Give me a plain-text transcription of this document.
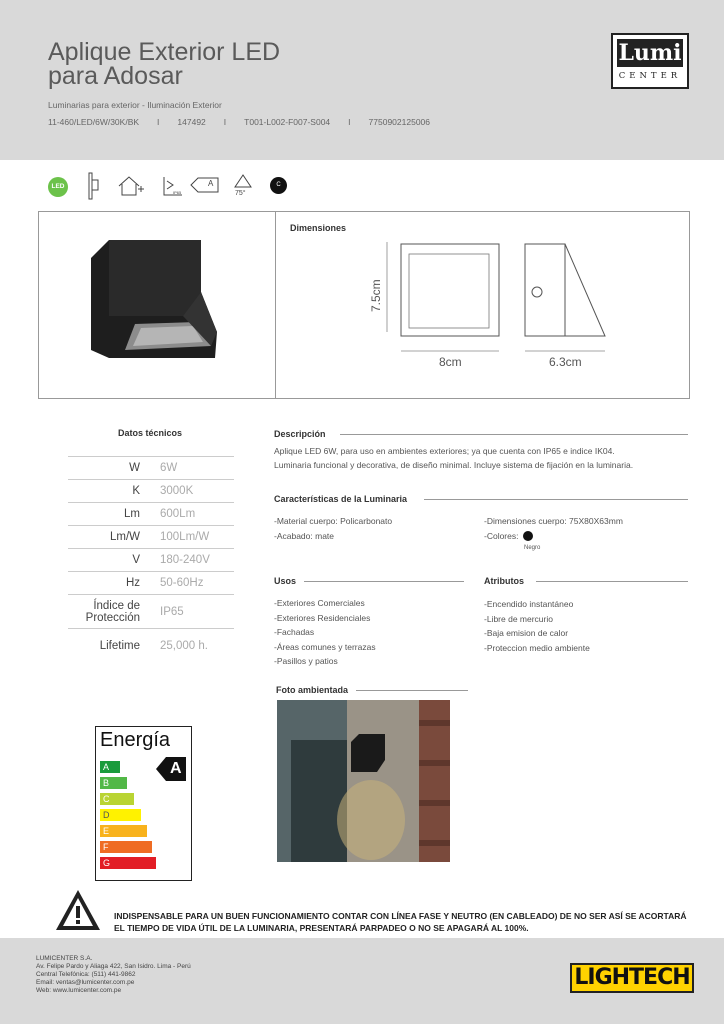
Aplique Exterior LED
para Adosar
Luminarias para exterior - Iluminación Exterior
11-460/LED/6W/30K/BK I 147492 I T001-L002-F007-S004 I 7750902125006
Lumi
CENTER
LED
IP65
A
75°
C
Dimensiones
7.5cm
8cm	6.3cm
Datos técnicos
W	6W
K	3000K
Lm	600Lm
Lm/W	100Lm/W
V	180-240V
Hz	50-60Hz
Índice de Protección	IP65
Lifetime	25,000 h.
Descripción
Aplique LED 6W, para uso en ambientes exteriores; ya que cuenta con IP65 e indice IK04.
Luminaria funcional y decorativa, de diseño minimal. Incluye sistema de fijación en la luminaria.
Características de la Luminaria
-Material cuerpo: Policarbonato
-Acabado: mate
-Dimensiones cuerpo: 75X80X63mm
-Colores:
Negro
Usos
-Exteriores Comerciales
-Exteriores Residenciales
-Fachadas
-Áreas comunes y terrazas
-Pasillos y patios
Atributos
-Encendido instantáneo
-Libre de mercurio
-Baja emision de calor
-Proteccion medio ambiente
Foto ambientada
Energía
A
A
B
C
D
E
F
G
INDISPENSABLE PARA UN BUEN FUNCIONAMIENTO CONTAR CON LÍNEA FASE Y NEUTRO (EN CABLEADO) DE NO SER ASÍ SE ACORTARÁ EL TIEMPO DE VIDA ÚTIL DE LA LUMINARIA, PRESENTARÁ PARPADEO O NO SE APAGARÁ AL 100%.
LUMICENTER S.A.
Av. Felipe Pardo y Aliaga 422, San Isidro. Lima - Perú
Central Telefónica: (511) 441-9862
Email: ventas@lumicenter.com.pe
Web: www.lumicenter.com.pe
LIGHTECH
